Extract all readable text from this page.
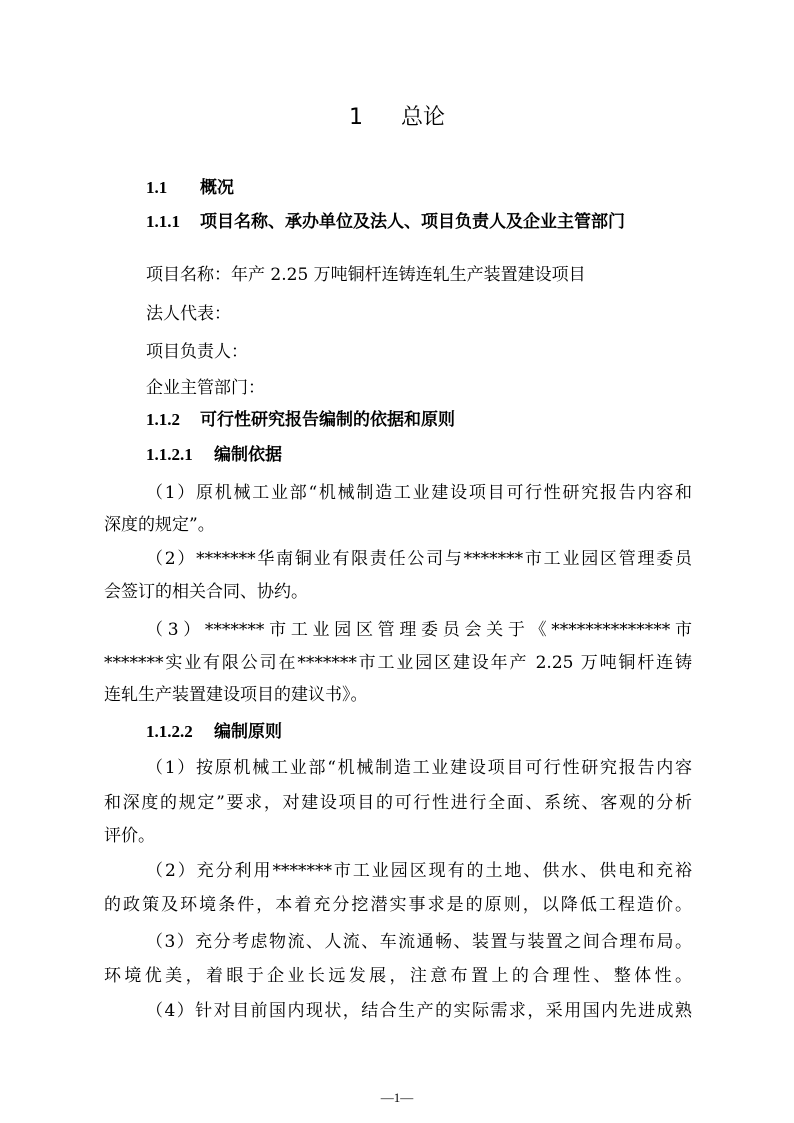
1 总论
1.1 概况
1.1.1 项目名称、承办单位及法人、项目负责人及企业主管部门
项目名称：年产 2.25 万吨铜杆连铸连轧生产装置建设项目
法人代表：
项目负责人：
企业主管部门：
1.1.2 可行性研究报告编制的依据和原则
1.1.2.1 编制依据
（1）原机械工业部“机械制造工业建设项目可行性研究报告内容和
深度的规定”。
（2）*******华南铜业有限责任公司与*******市工业园区管理委员
会签订的相关合同、协约。
（3）*******市工业园区管理委员会关于《**************市
*******实业有限公司在*******市工业园区建设年产 2.25 万吨铜杆连铸
连轧生产装置建设项目的建议书》。
1.1.2.2 编制原则
（1）按原机械工业部“机械制造工业建设项目可行性研究报告内容
和深度的规定”要求，对建设项目的可行性进行全面、系统、客观的分析
评价。
（2）充分利用*******市工业园区现有的土地、供水、供电和充裕
的政策及环境条件，本着充分挖潜实事求是的原则，以降低工程造价。
（3）充分考虑物流、人流、车流通畅、装置与装置之间合理布局。
环境优美，着眼于企业长远发展，注意布置上的合理性、整体性。
（4）针对目前国内现状，结合生产的实际需求，采用国内先进成熟
—1—
